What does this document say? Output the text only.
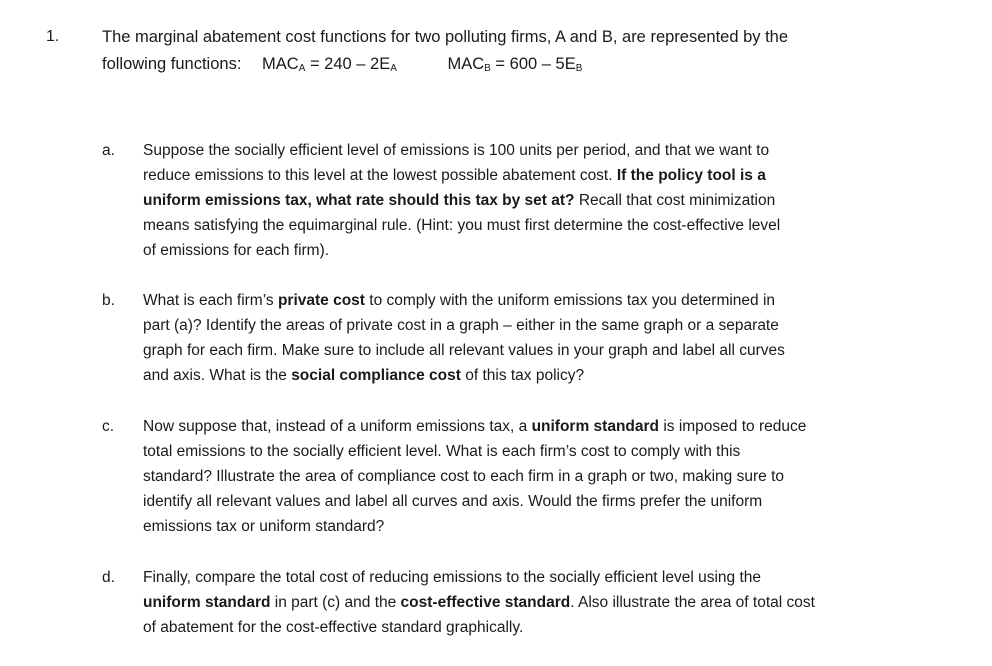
1.	The marginal abatement cost functions for two polluting firms, A and B, are represented by the
following functions: $MAC_A = 240 - 2E_A$	$MAC_B = 600 - 5E_B$
a.	Suppose the socially efficient level of emissions is 100 units per period, and that we want to
reduce emissions to this level at the lowest possible abatement cost. If the policy tool is a
uniform emissions tax, what rate should this tax by set at? Recall that cost minimization
means satisfying the equimarginal rule. (Hint: you must first determine the cost-effective level
of emissions for each firm).
b.	What is each firm’s private cost to comply with the uniform emissions tax you determined in
part (a)? Identify the areas of private cost in a graph – either in the same graph or a separate
graph for each firm. Make sure to include all relevant values in your graph and label all curves
and axis. What is the social compliance cost of this tax policy?
c.	Now suppose that, instead of a uniform emissions tax, a uniform standard is imposed to reduce
total emissions to the socially efficient level. What is each firm’s cost to comply with this
standard? Illustrate the area of compliance cost to each firm in a graph or two, making sure to
identify all relevant values and label all curves and axis. Would the firms prefer the uniform
emissions tax or uniform standard?
d.	Finally, compare the total cost of reducing emissions to the socially efficient level using the
uniform standard in part (c) and the cost-effective standard. Also illustrate the area of total cost
of abatement for the cost-effective standard graphically.
